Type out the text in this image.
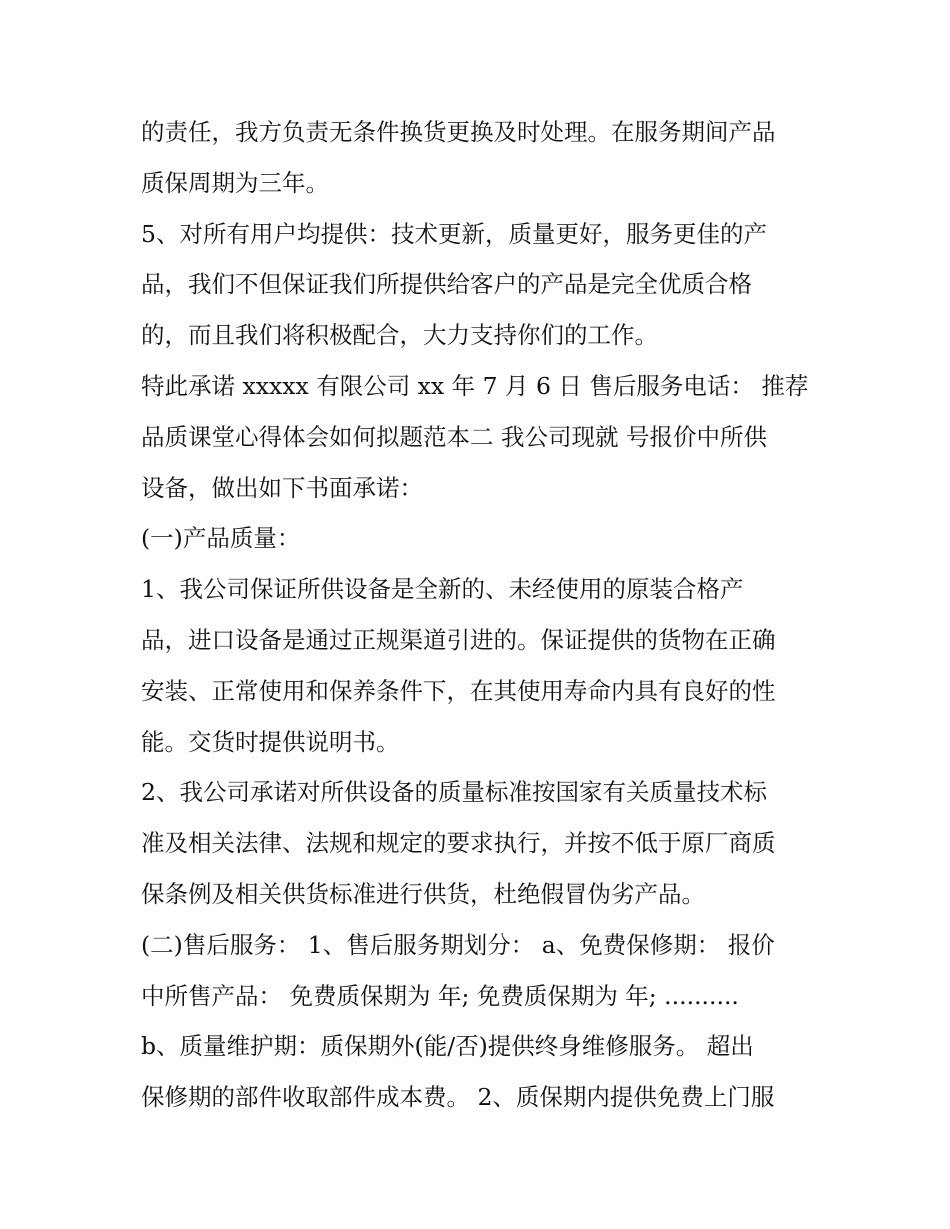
的责任，我方负责无条件换货更换及时处理。在服务期间产品
质保周期为三年。
5、对所有用户均提供：技术更新，质量更好，服务更佳的产
品，我们不但保证我们所提供给客户的产品是完全优质合格
的，而且我们将积极配合，大力支持你们的工作。
特此承诺 xxxxx 有限公司 xx 年 7 月 6 日 售后服务电话： 推荐
品质课堂心得体会如何拟题范本二 我公司现就 号报价中所供
设备，做出如下书面承诺：
(一)产品质量：
1、我公司保证所供设备是全新的、未经使用的原装合格产
品，进口设备是通过正规渠道引进的。保证提供的货物在正确
安装、正常使用和保养条件下，在其使用寿命内具有良好的性
能。交货时提供说明书。
2、我公司承诺对所供设备的质量标准按国家有关质量技术标
准及相关法律、法规和规定的要求执行，并按不低于原厂商质
保条例及相关供货标准进行供货，杜绝假冒伪劣产品。
(二)售后服务： 1、售后服务期划分： a、免费保修期： 报价
中所售产品： 免费质保期为 年; 免费质保期为 年; ..........
b、质量维护期：质保期外(能/否)提供终身维修服务。 超出
保修期的部件收取部件成本费。 2、质保期内提供免费上门服
